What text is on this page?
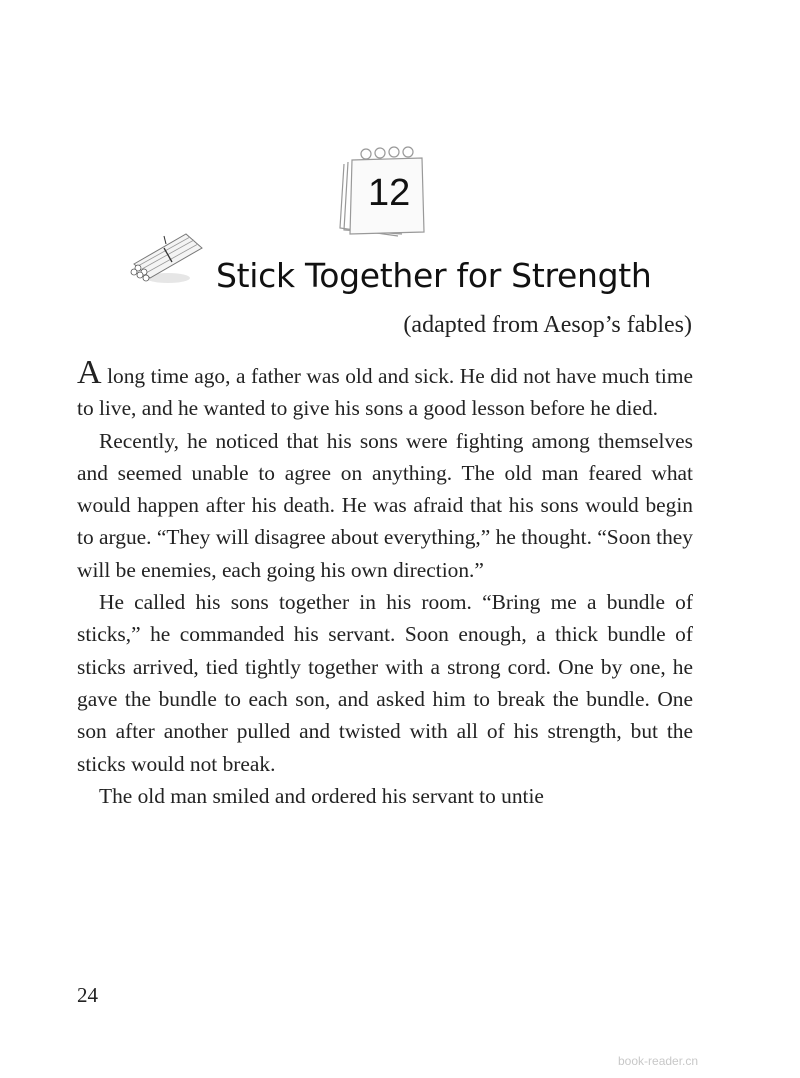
12
Stick Together for Strength
(adapted from Aesop’s fables)

A long time ago, a father was old and sick. He did not have much time to live, and he wanted to give his sons a good lesson before he died.

Recently, he noticed that his sons were fighting among themselves and seemed unable to agree on anything. The old man feared what would happen after his death. He was afraid that his sons would begin to argue. “They will disagree about everything,” he thought. “Soon they will be enemies, each going his own direction.”

He called his sons together in his room. “Bring me a bundle of sticks,” he commanded his servant. Soon enough, a thick bundle of sticks arrived, tied tightly together with a strong cord. One by one, he gave the bundle to each son, and asked him to break the bundle. One son after another pulled and twisted with all of his strength, but the sticks would not break.

The old man smiled and ordered his servant to untie

24
book-reader.cn
